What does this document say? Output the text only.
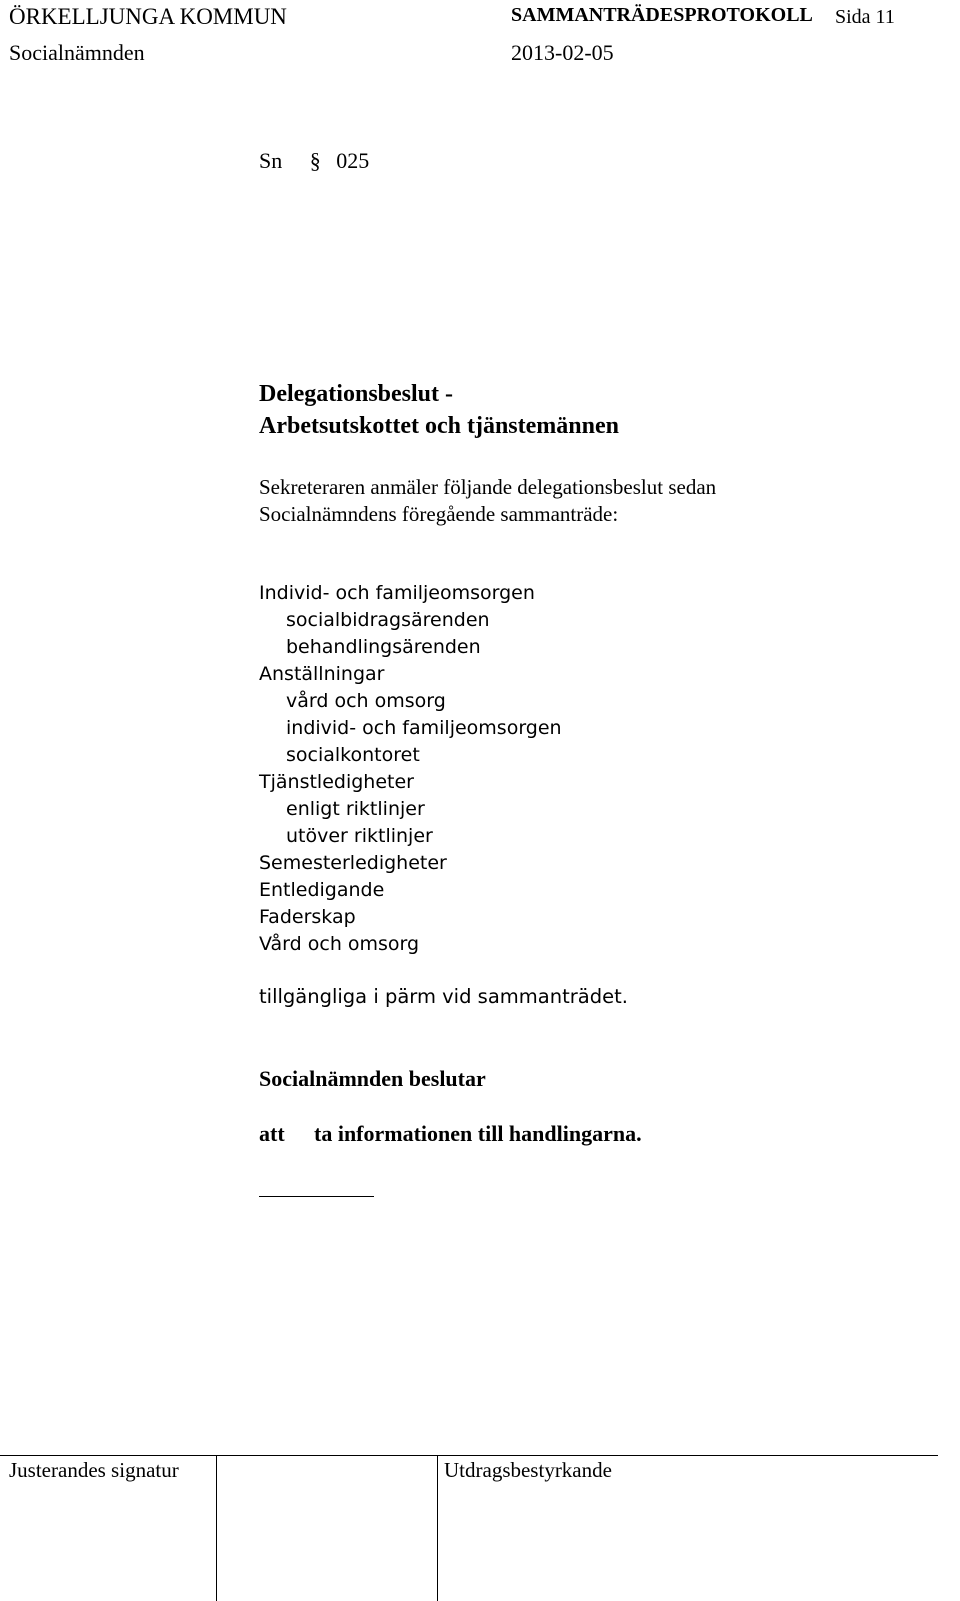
ÖRKELLJUNGA KOMMUN	SAMMANTRÄDESPROTOKOLL Sida 11
Socialnämnden	2013-02-05
Sn § 025
Delegationsbeslut -
Arbetsutskottet och tjänstemännen
Sekreteraren anmäler följande delegationsbeslut sedan
Socialnämndens föregående sammanträde:
Individ- och familjeomsorgen
socialbidragsärenden
behandlingsärenden
Anställningar
vård och omsorg
individ- och familjeomsorgen
socialkontoret
Tjänstledigheter
enligt riktlinjer
utöver riktlinjer
Semesterledigheter
Entledigande
Faderskap
Vård och omsorg
tillgängliga i pärm vid sammanträdet.
Socialnämnden beslutar
att ta informationen till handlingarna.
Justerandes signatur	Utdragsbestyrkande
